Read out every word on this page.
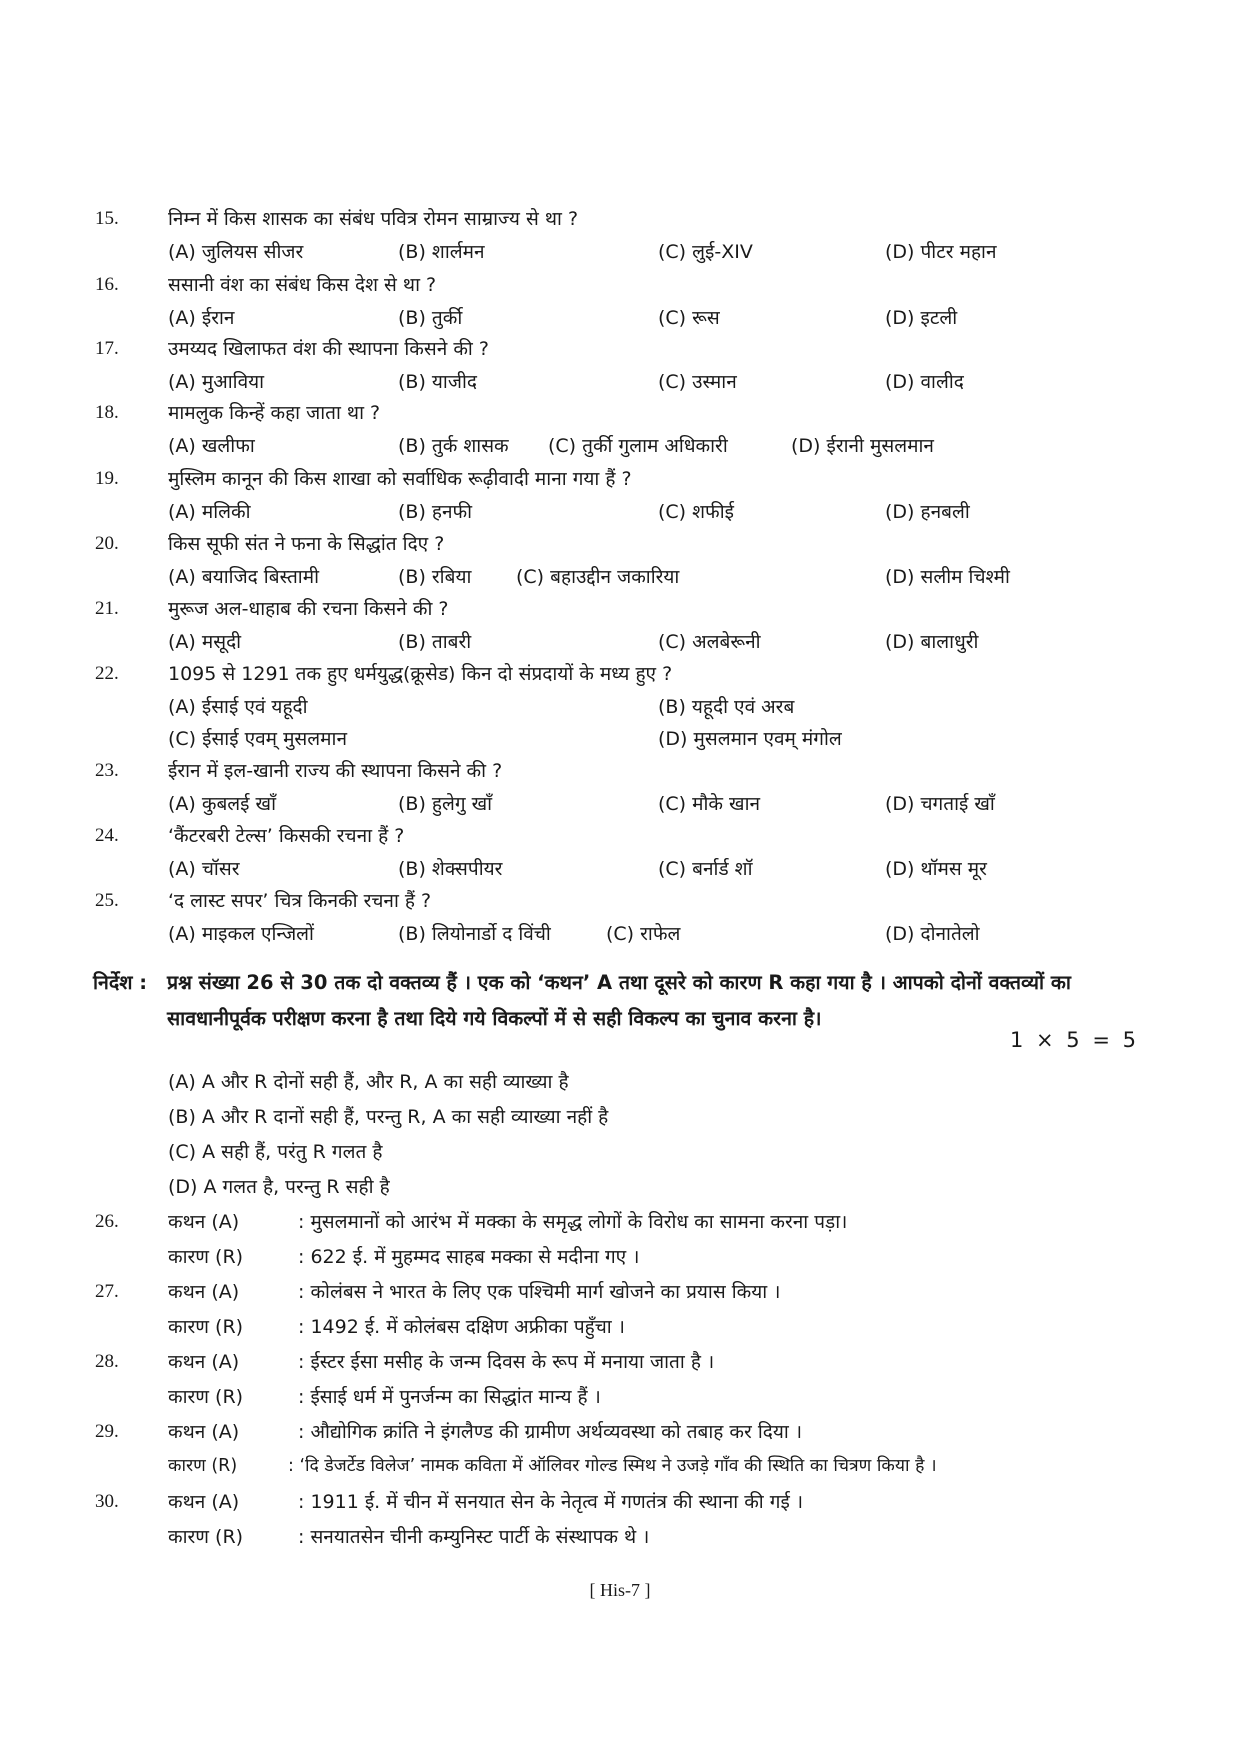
15.	निम्न में किस शासक का संबंध पवित्र रोमन साम्राज्य से था ?
(A) जुलियस सीजर	(B) शार्लमन	(C) लुई-XIV	(D) पीटर महान
16.	ससानी वंश का संबंध किस देश से था ?
(A) ईरान	(B) तुर्की	(C) रूस	(D) इटली
17.	उमय्यद खिलाफत वंश की स्थापना किसने की ?
(A) मुआविया	(B) याजीद	(C) उस्मान	(D) वालीद
18.	मामलुक किन्हें कहा जाता था ?
(A) खलीफा	(B) तुर्क शासक (C) तुर्की गुलाम अधिकारी	(D) ईरानी मुसलमान
19.	मुस्लिम कानून की किस शाखा को सर्वाधिक रूढ़ीवादी माना गया हैं ?
(A) मलिकी	(B) हनफी	(C) शफीई	(D) हनबली
20.	किस सूफी संत ने फना के सिद्धांत दिए ?
(A) बयाजिद बिस्तामी	(B) रबिया (C) बहाउद्दीन जकारिया	(D) सलीम चिश्मी
21.	मुरूज अल-धाहाब की रचना किसने की ?
(A) मसूदी	(B) ताबरी	(C) अलबेरूनी	(D) बालाधुरी
22.	1095 से 1291 तक हुए धर्मयुद्ध(क्रूसेड) किन दो संप्रदायों के मध्य हुए ?
(A) ईसाई एवं यहूदी	(B) यहूदी एवं अरब
(C) ईसाई एवम् मुसलमान	(D) मुसलमान एवम् मंगोल
23.	ईरान में इल-खानी राज्य की स्थापना किसने की ?
(A) कुबलई खाँ	(B) हुलेगु खाँ	(C) मौके खान	(D) चगताई खाँ
24.	‘कैंटरबरी टेल्स’ किसकी रचना हैं ?
(A) चॉसर	(B) शेक्सपीयर	(C) बर्नार्ड शॉ	(D) थॉमस मूर
25.	‘द लास्ट सपर’ चित्र किनकी रचना हैं ?
(A) माइकल एन्जिलों	(B) लियोनार्डो द विंची	(C) राफेल	(D) दोनातेलो
निर्देश : प्रश्न संख्या 26 से 30 तक दो वक्तव्य हैं । एक को ‘कथन’ A तथा दूसरे को कारण R कहा गया है । आपको दोनों वक्तव्यों का सावधानीपूर्वक परीक्षण करना है तथा दिये गये विकल्पों में से सही विकल्प का चुनाव करना है।
1 × 5 = 5
(A) A और R दोनों सही हैं, और R, A का सही व्याख्या है
(B) A और R दानों सही हैं, परन्तु R, A का सही व्याख्या नहीं है
(C) A सही हैं, परंतु R गलत है
(D) A गलत है, परन्तु R सही है
26.	कथन (A)	: मुसलमानों को आरंभ में मक्का के समृद्ध लोगों के विरोध का सामना करना पड़ा।
कारण (R)	: 622 ई. में मुहम्मद साहब मक्का से मदीना गए ।
27.	कथन (A)	: कोलंबस ने भारत के लिए एक पश्चिमी मार्ग खोजने का प्रयास किया ।
कारण (R)	: 1492 ई. में कोलंबस दक्षिण अफ्रीका पहुँचा ।
28.	कथन (A)	: ईस्टर ईसा मसीह के जन्म दिवस के रूप में मनाया जाता है ।
कारण (R)	: ईसाई धर्म में पुनर्जन्म का सिद्धांत मान्य हैं ।
29.	कथन (A)	: औद्योगिक क्रांति ने इंगलैण्ड की ग्रामीण अर्थव्यवस्था को तबाह कर दिया ।
कारण (R)	: ‘दि डेजर्टेड विलेज’ नामक कविता में ऑलिवर गोल्ड स्मिथ ने उजड़े गाँव की स्थिति का चित्रण किया है ।
30.	कथन (A)	: 1911 ई. में चीन में सनयात सेन के नेतृत्व में गणतंत्र की स्थाना की गई ।
कारण (R)	: सनयातसेन चीनी कम्युनिस्ट पार्टी के संस्थापक थे ।
[ His-7 ]
